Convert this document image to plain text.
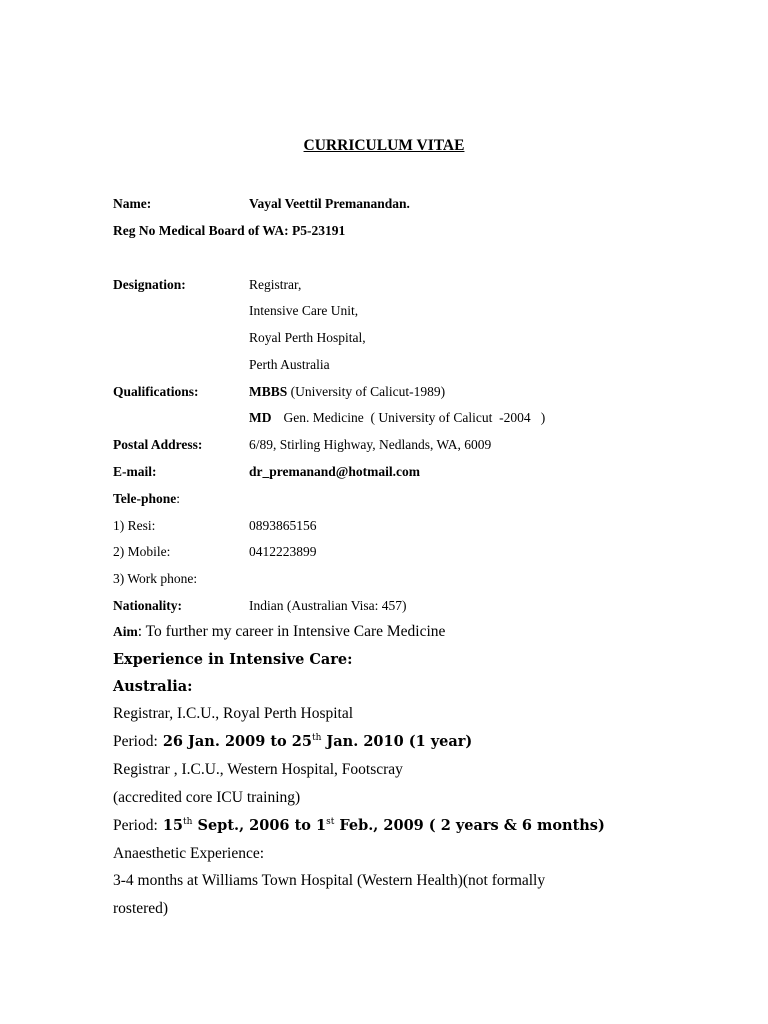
CURRICULUM VITAE
Name:	Vayal Veettil Premanandan.
Reg No Medical Board of WA: P5-23191
Designation:	Registrar,
Intensive Care Unit,
Royal Perth Hospital,
Perth Australia
Qualifications:	MBBS (University of Calicut-1989)
MD Gen. Medicine  ( University of Calicut  -2004   )
Postal Address:	6/89, Stirling Highway, Nedlands, WA, 6009
E-mail:	dr_premanand@hotmail.com
Tele-phone:
1) Resi:	0893865156
2) Mobile:	0412223899
3) Work phone:
Nationality:	Indian (Australian Visa: 457)
Aim: To further my career in Intensive Care Medicine
Experience in Intensive Care:
Australia:
Registrar, I.C.U., Royal Perth Hospital
Period: 26 Jan. 2009 to 25th Jan. 2010 (1 year)
Registrar , I.C.U., Western Hospital, Footscray
(accredited core ICU training)
Period: 15th Sept., 2006 to 1st Feb., 2009 ( 2 years & 6 months)
Anaesthetic Experience:
3-4 months at Williams Town Hospital (Western Health)(not formally
rostered)
